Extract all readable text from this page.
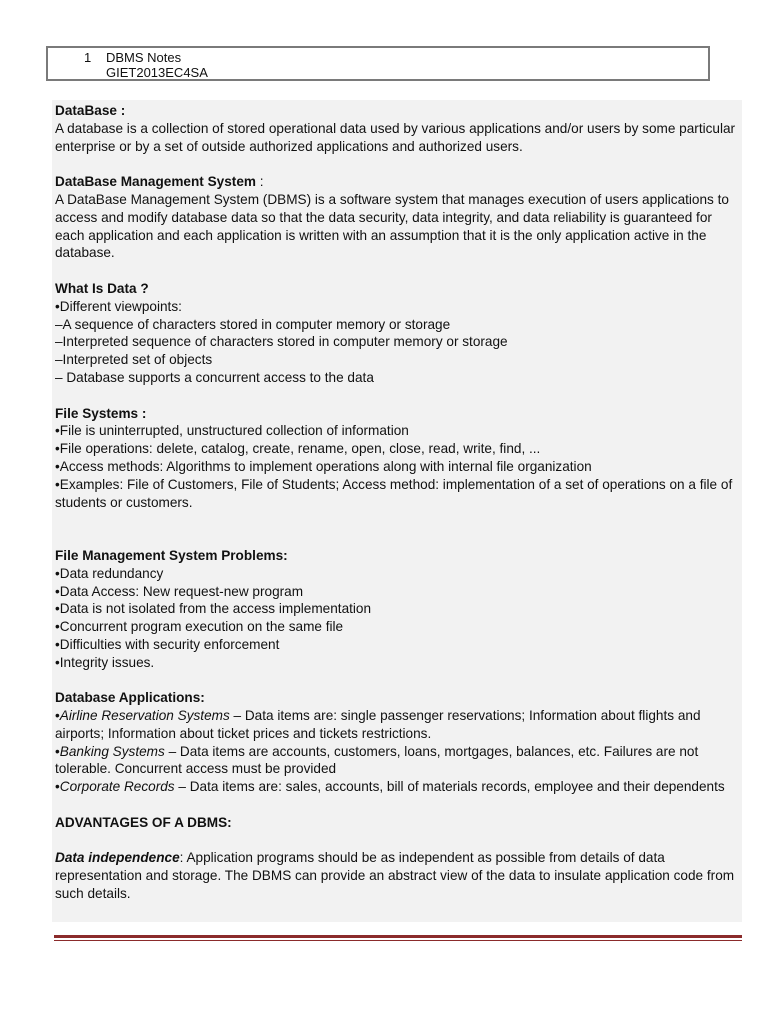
1 DBMS Notes
GIET2013EC4SA
DataBase :
A database is a collection of stored operational data used by various applications and/or users by some particular enterprise or by a set of outside authorized applications and authorized users.
DataBase Management System :
A DataBase Management System (DBMS) is a software system that manages execution of users applications to access and modify database data so that the data security, data integrity, and data reliability is guaranteed for each application and each application is written with an assumption that it is the only application active in the database.
What Is Data ?
•Different viewpoints:
–A sequence of characters stored in computer memory or storage
–Interpreted sequence of characters stored in computer memory or storage
–Interpreted set of objects
– Database supports a concurrent access to the data
File Systems :
•File is uninterrupted, unstructured collection of information
•File operations: delete, catalog, create, rename, open, close, read, write, find, ...
•Access methods: Algorithms to implement operations along with internal file organization
•Examples: File of Customers, File of Students; Access method: implementation of a set of operations on a file of students or customers.
File Management System Problems:
•Data redundancy
•Data Access: New request-new program
•Data is not isolated from the access implementation
•Concurrent program execution on the same file
•Difficulties with security enforcement
•Integrity issues.
Database Applications:
•Airline Reservation Systems – Data items are: single passenger reservations; Information about flights and airports; Information about ticket prices and tickets restrictions.
•Banking Systems – Data items are accounts, customers, loans, mortgages, balances, etc. Failures are not tolerable. Concurrent access must be provided
•Corporate Records – Data items are: sales, accounts, bill of materials records, employee and their dependents
ADVANTAGES OF A DBMS:
Data independence: Application programs should be as independent as possible from details of data representation and storage. The DBMS can provide an abstract view of the data to insulate application code from such details.
